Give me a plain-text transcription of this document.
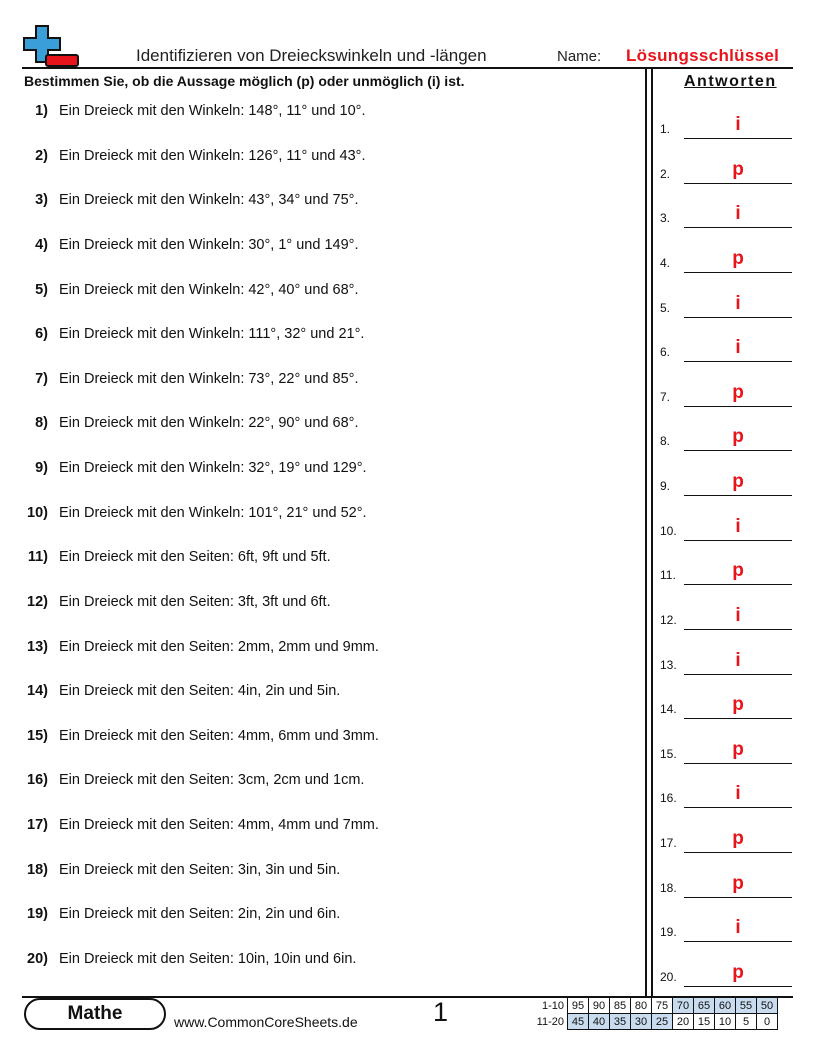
Identifizieren von Dreieckswinkeln und -längen	Name: Lösungsschlüssel
Bestimmen Sie, ob die Aussage möglich (p) oder unmöglich (i) ist.	Antworten
1) Ein Dreieck mit den Winkeln: 148°, 11° und 10°.
2) Ein Dreieck mit den Winkeln: 126°, 11° und 43°.
3) Ein Dreieck mit den Winkeln: 43°, 34° und 75°.
4) Ein Dreieck mit den Winkeln: 30°, 1° und 149°.
5) Ein Dreieck mit den Winkeln: 42°, 40° und 68°.
6) Ein Dreieck mit den Winkeln: 111°, 32° und 21°.
7) Ein Dreieck mit den Winkeln: 73°, 22° und 85°.
8) Ein Dreieck mit den Winkeln: 22°, 90° und 68°.
9) Ein Dreieck mit den Winkeln: 32°, 19° und 129°.
10) Ein Dreieck mit den Winkeln: 101°, 21° und 52°.
11) Ein Dreieck mit den Seiten: 6ft, 9ft und 5ft.
12) Ein Dreieck mit den Seiten: 3ft, 3ft und 6ft.
13) Ein Dreieck mit den Seiten: 2mm, 2mm und 9mm.
14) Ein Dreieck mit den Seiten: 4in, 2in und 5in.
15) Ein Dreieck mit den Seiten: 4mm, 6mm und 3mm.
16) Ein Dreieck mit den Seiten: 3cm, 2cm und 1cm.
17) Ein Dreieck mit den Seiten: 4mm, 4mm und 7mm.
18) Ein Dreieck mit den Seiten: 3in, 3in und 5in.
19) Ein Dreieck mit den Seiten: 2in, 2in und 6in.
20) Ein Dreieck mit den Seiten: 10in, 10in und 6in.
1.	i
2.	p
3.	i
4.	p
5.	i
6.	i
7.	p
8.	p
9.	p
10.	i
11.	p
12.	i
13.	i
14.	p
15.	p
16.	i
17.	p
18.	p
19.	i
20.	p
Mathe	www.CommonCoreSheets.de	1	1-10	95	90	85	80	75	70	65	60	55	50
11-20	45	40	35	30	25	20	15	10	5	0
